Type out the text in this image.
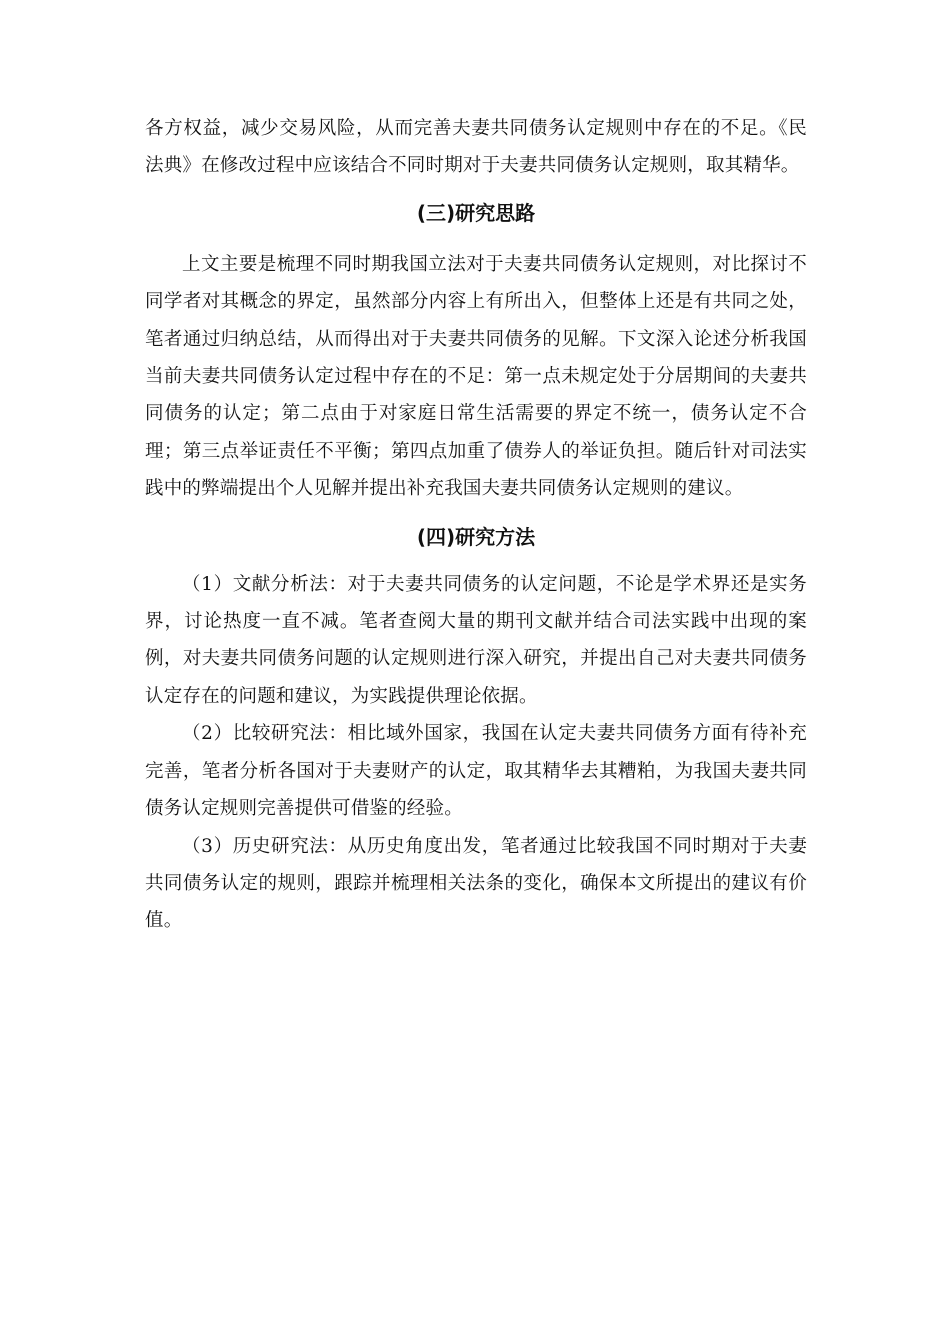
各方权益，减少交易风险，从而完善夫妻共同债务认定规则中存在的不足。《民法典》在修改过程中应该结合不同时期对于夫妻共同债务认定规则，取其精华。

(三)研究思路

上文主要是梳理不同时期我国立法对于夫妻共同债务认定规则，对比探讨不同学者对其概念的界定，虽然部分内容上有所出入，但整体上还是有共同之处，笔者通过归纳总结，从而得出对于夫妻共同债务的见解。下文深入论述分析我国当前夫妻共同债务认定过程中存在的不足：第一点未规定处于分居期间的夫妻共同债务的认定；第二点由于对家庭日常生活需要的界定不统一，债务认定不合理；第三点举证责任不平衡；第四点加重了债券人的举证负担。随后针对司法实践中的弊端提出个人见解并提出补充我国夫妻共同债务认定规则的建议。

(四)研究方法

（1）文献分析法：对于夫妻共同债务的认定问题，不论是学术界还是实务界，讨论热度一直不减。笔者查阅大量的期刊文献并结合司法实践中出现的案例，对夫妻共同债务问题的认定规则进行深入研究，并提出自己对夫妻共同债务认定存在的问题和建议，为实践提供理论依据。

（2）比较研究法：相比域外国家，我国在认定夫妻共同债务方面有待补充完善，笔者分析各国对于夫妻财产的认定，取其精华去其糟粕，为我国夫妻共同债务认定规则完善提供可借鉴的经验。

（3）历史研究法：从历史角度出发，笔者通过比较我国不同时期对于夫妻共同债务认定的规则，跟踪并梳理相关法条的变化，确保本文所提出的建议有价值。
